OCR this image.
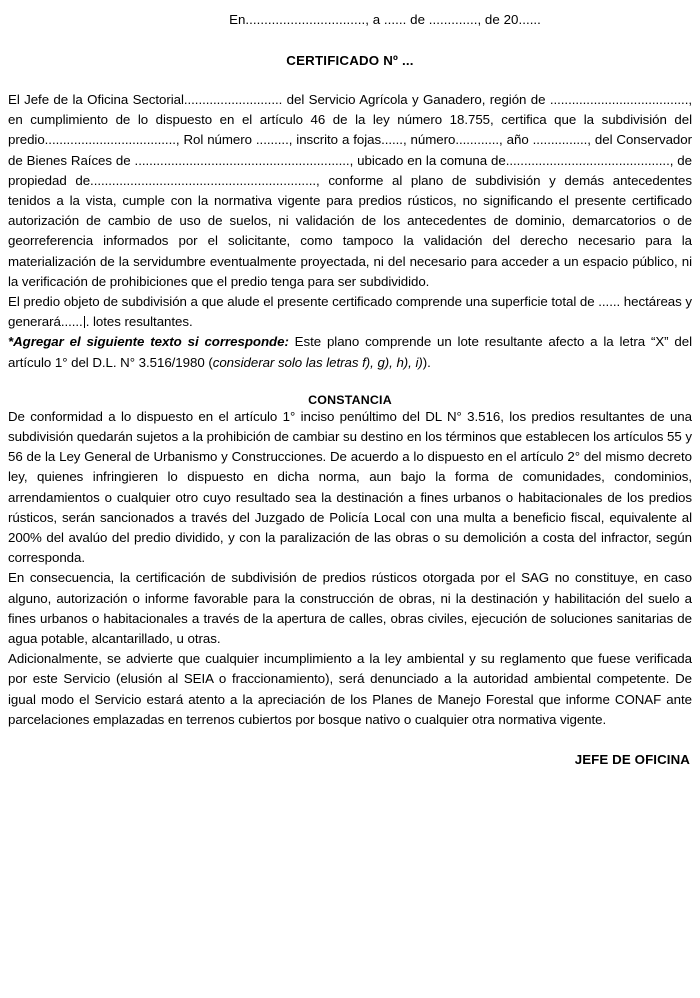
En................................, a ...... de ............., de 20......
CERTIFICADO Nº ...

El Jefe de la Oficina Sectorial........................... del Servicio Agrícola y Ganadero, región de ......................................, en cumplimiento de lo dispuesto en el artículo 46 de la ley número 18.755, certifica que la subdivisión del predio...................................., Rol número ........., inscrito a fojas......, número............, año ..............., del Conservador de Bienes Raíces de ..........................................................., ubicado en la comuna de............................................., de propiedad de.............................................................., conforme al plano de subdivisión y demás antecedentes tenidos a la vista, cumple con la normativa vigente para predios rústicos, no significando el presente certificado autorización de cambio de uso de suelos, ni validación de los antecedentes de dominio, demarcatorios o de georreferencia informados por el solicitante, como tampoco la validación del derecho necesario para la materialización de la servidumbre eventualmente proyectada, ni del necesario para acceder a un espacio público, ni la verificación de prohibiciones que el predio tenga para ser subdividido.

El predio objeto de subdivisión a que alude el presente certificado comprende una superficie total de ...... hectáreas y generará...... . lotes resultantes.

*Agregar el siguiente texto si corresponde: Este plano comprende un lote resultante afecto a la letra “X” del artículo 1° del D.L. N° 3.516/1980 (considerar solo las letras f), g), h), i)).

CONSTANCIA

De conformidad a lo dispuesto en el artículo 1° inciso penúltimo del DL N° 3.516, los predios resultantes de una subdivisión quedarán sujetos a la prohibición de cambiar su destino en los términos que establecen los artículos 55 y 56 de la Ley General de Urbanismo y Construcciones. De acuerdo a lo dispuesto en el artículo 2° del mismo decreto ley, quienes infringieren lo dispuesto en dicha norma, aun bajo la forma de comunidades, condominios, arrendamientos o cualquier otro cuyo resultado sea la destinación a fines urbanos o habitacionales de los predios rústicos, serán sancionados a través del Juzgado de Policía Local con una multa a beneficio fiscal, equivalente al 200% del avalúo del predio dividido, y con la paralización de las obras o su demolición a costa del infractor, según corresponda.

En consecuencia, la certificación de subdivisión de predios rústicos otorgada por el SAG no constituye, en caso alguno, autorización o informe favorable para la construcción de obras, ni la destinación y habilitación del suelo a fines urbanos o habitacionales a través de la apertura de calles, obras civiles, ejecución de soluciones sanitarias de agua potable, alcantarillado, u otras.

Adicionalmente, se advierte que cualquier incumplimiento a la ley ambiental y su reglamento que fuese verificada por este Servicio (elusión al SEIA o fraccionamiento), será denunciado a la autoridad ambiental competente. De igual modo el Servicio estará atento a la apreciación de los Planes de Manejo Forestal que informe CONAF ante parcelaciones emplazadas en terrenos cubiertos por bosque nativo o cualquier otra normativa vigente.

JEFE DE OFICINA
